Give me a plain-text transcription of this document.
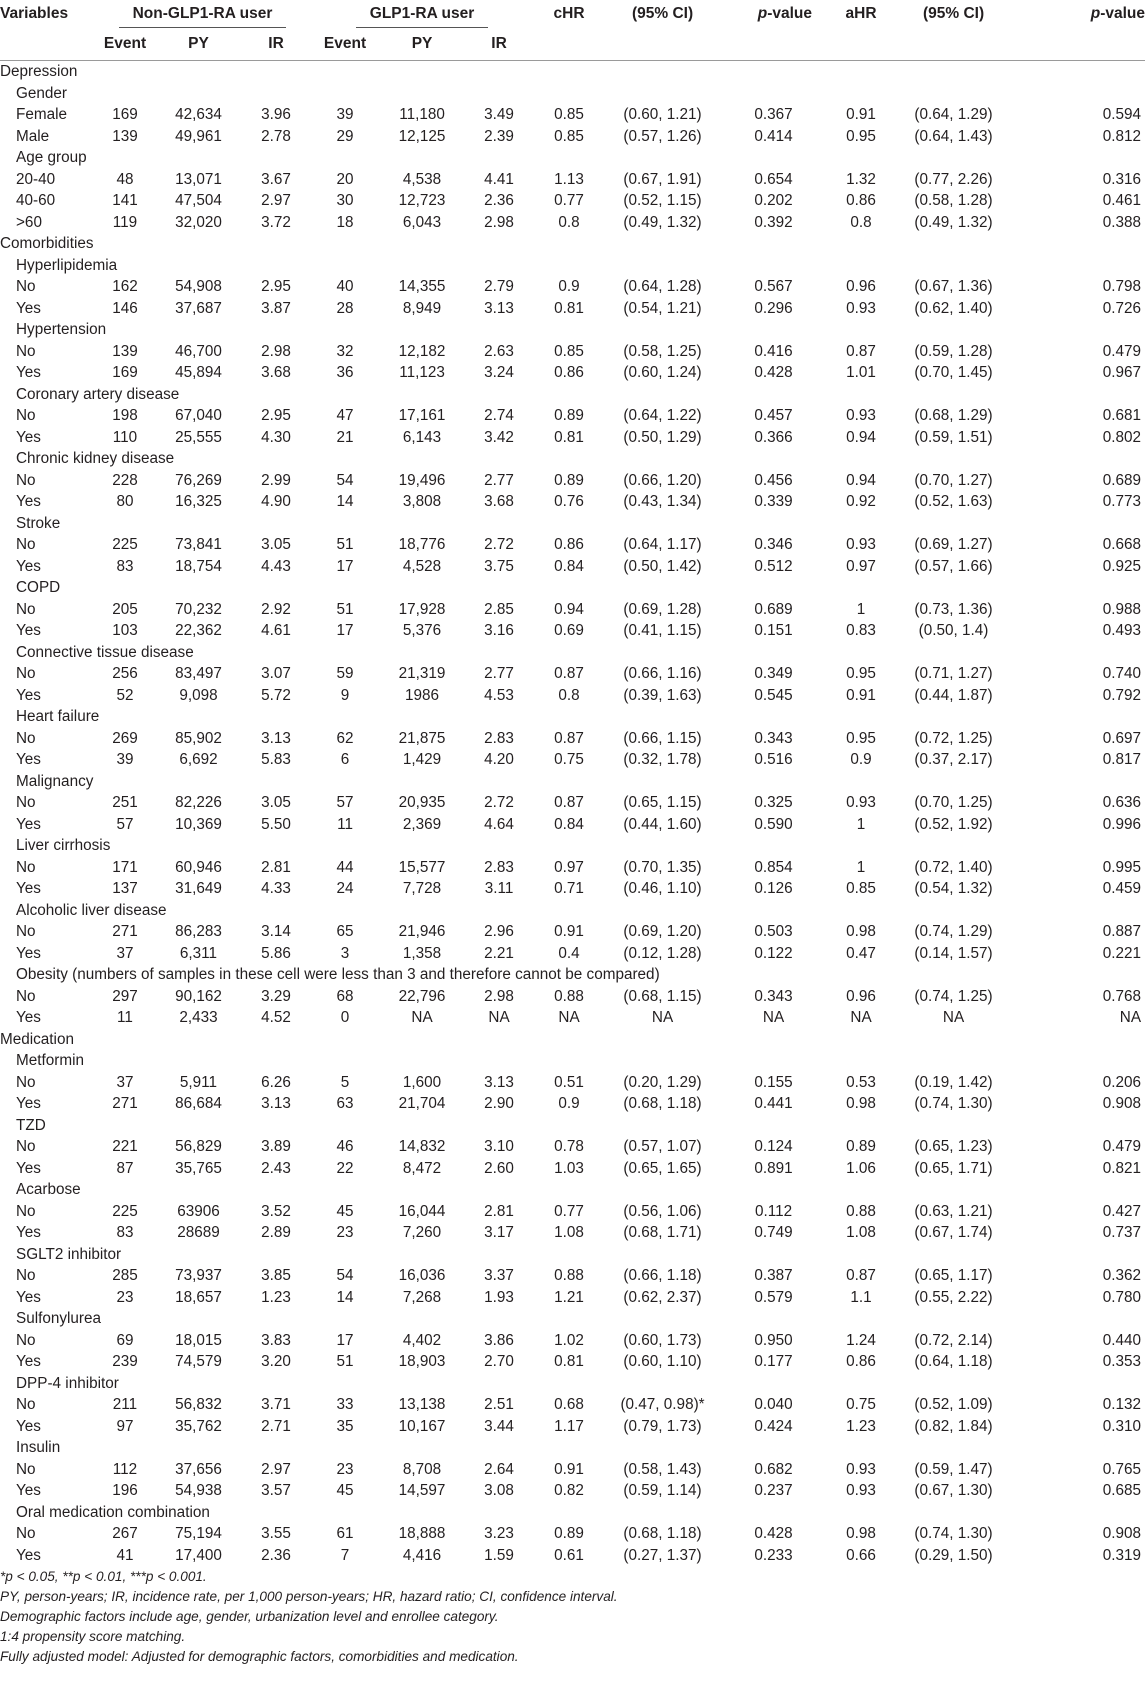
Variables	Non-GLP1-RA user			GLP1-RA user			cHR	(95% CI)	p-value	aHR	(95% CI)	p-value
	Event	PY	IR	Event	PY	IR						
Depression												
Gender												
Female	169	42,634	3.96	39	11,180	3.49	0.85	(0.60, 1.21)	0.367	0.91	(0.64, 1.29)	0.594
Male	139	49,961	2.78	29	12,125	2.39	0.85	(0.57, 1.26)	0.414	0.95	(0.64, 1.43)	0.812
Age group												
20-40	48	13,071	3.67	20	4,538	4.41	1.13	(0.67, 1.91)	0.654	1.32	(0.77, 2.26)	0.316
40-60	141	47,504	2.97	30	12,723	2.36	0.77	(0.52, 1.15)	0.202	0.86	(0.58, 1.28)	0.461
>60	119	32,020	3.72	18	6,043	2.98	0.8	(0.49, 1.32)	0.392	0.8	(0.49, 1.32)	0.388
Comorbidities												
Hyperlipidemia												
No	162	54,908	2.95	40	14,355	2.79	0.9	(0.64, 1.28)	0.567	0.96	(0.67, 1.36)	0.798
Yes	146	37,687	3.87	28	8,949	3.13	0.81	(0.54, 1.21)	0.296	0.93	(0.62, 1.40)	0.726
Hypertension												
No	139	46,700	2.98	32	12,182	2.63	0.85	(0.58, 1.25)	0.416	0.87	(0.59, 1.28)	0.479
Yes	169	45,894	3.68	36	11,123	3.24	0.86	(0.60, 1.24)	0.428	1.01	(0.70, 1.45)	0.967
Coronary artery disease												
No	198	67,040	2.95	47	17,161	2.74	0.89	(0.64, 1.22)	0.457	0.93	(0.68, 1.29)	0.681
Yes	110	25,555	4.30	21	6,143	3.42	0.81	(0.50, 1.29)	0.366	0.94	(0.59, 1.51)	0.802
Chronic kidney disease												
No	228	76,269	2.99	54	19,496	2.77	0.89	(0.66, 1.20)	0.456	0.94	(0.70, 1.27)	0.689
Yes	80	16,325	4.90	14	3,808	3.68	0.76	(0.43, 1.34)	0.339	0.92	(0.52, 1.63)	0.773
Stroke												
No	225	73,841	3.05	51	18,776	2.72	0.86	(0.64, 1.17)	0.346	0.93	(0.69, 1.27)	0.668
Yes	83	18,754	4.43	17	4,528	3.75	0.84	(0.50, 1.42)	0.512	0.97	(0.57, 1.66)	0.925
COPD												
No	205	70,232	2.92	51	17,928	2.85	0.94	(0.69, 1.28)	0.689	1	(0.73, 1.36)	0.988
Yes	103	22,362	4.61	17	5,376	3.16	0.69	(0.41, 1.15)	0.151	0.83	(0.50, 1.4)	0.493
Connective tissue disease												
No	256	83,497	3.07	59	21,319	2.77	0.87	(0.66, 1.16)	0.349	0.95	(0.71, 1.27)	0.740
Yes	52	9,098	5.72	9	1986	4.53	0.8	(0.39, 1.63)	0.545	0.91	(0.44, 1.87)	0.792
Heart failure												
No	269	85,902	3.13	62	21,875	2.83	0.87	(0.66, 1.15)	0.343	0.95	(0.72, 1.25)	0.697
Yes	39	6,692	5.83	6	1,429	4.20	0.75	(0.32, 1.78)	0.516	0.9	(0.37, 2.17)	0.817
Malignancy												
No	251	82,226	3.05	57	20,935	2.72	0.87	(0.65, 1.15)	0.325	0.93	(0.70, 1.25)	0.636
Yes	57	10,369	5.50	11	2,369	4.64	0.84	(0.44, 1.60)	0.590	1	(0.52, 1.92)	0.996
Liver cirrhosis												
No	171	60,946	2.81	44	15,577	2.83	0.97	(0.70, 1.35)	0.854	1	(0.72, 1.40)	0.995
Yes	137	31,649	4.33	24	7,728	3.11	0.71	(0.46, 1.10)	0.126	0.85	(0.54, 1.32)	0.459
Alcoholic liver disease												
No	271	86,283	3.14	65	21,946	2.96	0.91	(0.69, 1.20)	0.503	0.98	(0.74, 1.29)	0.887
Yes	37	6,311	5.86	3	1,358	2.21	0.4	(0.12, 1.28)	0.122	0.47	(0.14, 1.57)	0.221
Obesity (numbers of samples in these cell were less than 3 and therefore cannot be compared)												
No	297	90,162	3.29	68	22,796	2.98	0.88	(0.68, 1.15)	0.343	0.96	(0.74, 1.25)	0.768
Yes	11	2,433	4.52	0	NA	NA	NA	NA	NA	NA	NA	NA
Medication												
Metformin												
No	37	5,911	6.26	5	1,600	3.13	0.51	(0.20, 1.29)	0.155	0.53	(0.19, 1.42)	0.206
Yes	271	86,684	3.13	63	21,704	2.90	0.9	(0.68, 1.18)	0.441	0.98	(0.74, 1.30)	0.908
TZD												
No	221	56,829	3.89	46	14,832	3.10	0.78	(0.57, 1.07)	0.124	0.89	(0.65, 1.23)	0.479
Yes	87	35,765	2.43	22	8,472	2.60	1.03	(0.65, 1.65)	0.891	1.06	(0.65, 1.71)	0.821
Acarbose												
No	225	63906	3.52	45	16,044	2.81	0.77	(0.56, 1.06)	0.112	0.88	(0.63, 1.21)	0.427
Yes	83	28689	2.89	23	7,260	3.17	1.08	(0.68, 1.71)	0.749	1.08	(0.67, 1.74)	0.737
SGLT2 inhibitor												
No	285	73,937	3.85	54	16,036	3.37	0.88	(0.66, 1.18)	0.387	0.87	(0.65, 1.17)	0.362
Yes	23	18,657	1.23	14	7,268	1.93	1.21	(0.62, 2.37)	0.579	1.1	(0.55, 2.22)	0.780
Sulfonylurea												
No	69	18,015	3.83	17	4,402	3.86	1.02	(0.60, 1.73)	0.950	1.24	(0.72, 2.14)	0.440
Yes	239	74,579	3.20	51	18,903	2.70	0.81	(0.60, 1.10)	0.177	0.86	(0.64, 1.18)	0.353
DPP-4 inhibitor												
No	211	56,832	3.71	33	13,138	2.51	0.68	(0.47, 0.98)*	0.040	0.75	(0.52, 1.09)	0.132
Yes	97	35,762	2.71	35	10,167	3.44	1.17	(0.79, 1.73)	0.424	1.23	(0.82, 1.84)	0.310
Insulin												
No	112	37,656	2.97	23	8,708	2.64	0.91	(0.58, 1.43)	0.682	0.93	(0.59, 1.47)	0.765
Yes	196	54,938	3.57	45	14,597	3.08	0.82	(0.59, 1.14)	0.237	0.93	(0.67, 1.30)	0.685
Oral medication combination												
No	267	75,194	3.55	61	18,888	3.23	0.89	(0.68, 1.18)	0.428	0.98	(0.74, 1.30)	0.908
Yes	41	17,400	2.36	7	4,416	1.59	0.61	(0.27, 1.37)	0.233	0.66	(0.29, 1.50)	0.319
*p < 0.05, **p < 0.01, ***p < 0.001.
PY, person-years; IR, incidence rate, per 1,000 person-years; HR, hazard ratio; CI, confidence interval.
Demographic factors include age, gender, urbanization level and enrollee category.
1:4 propensity score matching.
Fully adjusted model: Adjusted for demographic factors, comorbidities and medication.
